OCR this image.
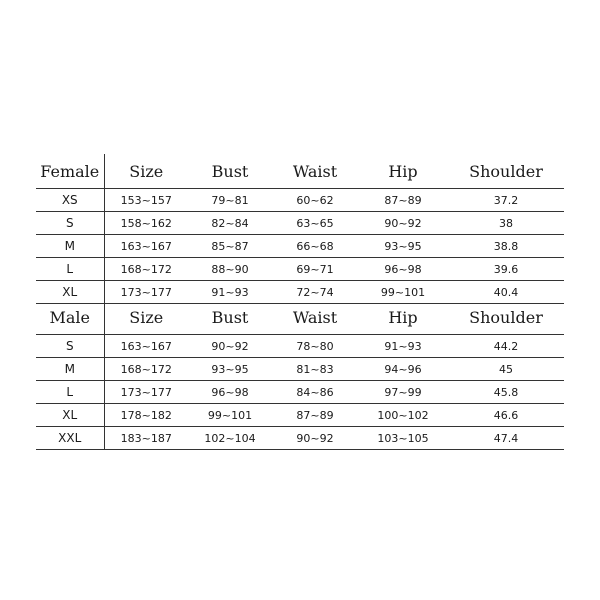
Female	Size	Bust	Waist	Hip	Shoulder
XS	153~157	79~81	60~62	87~89	37.2
S	158~162	82~84	63~65	90~92	38
M	163~167	85~87	66~68	93~95	38.8
L	168~172	88~90	69~71	96~98	39.6
XL	173~177	91~93	72~74	99~101	40.4
Male	Size	Bust	Waist	Hip	Shoulder
S	163~167	90~92	78~80	91~93	44.2
M	168~172	93~95	81~83	94~96	45
L	173~177	96~98	84~86	97~99	45.8
XL	178~182	99~101	87~89	100~102	46.6
XXL	183~187	102~104	90~92	103~105	47.4
